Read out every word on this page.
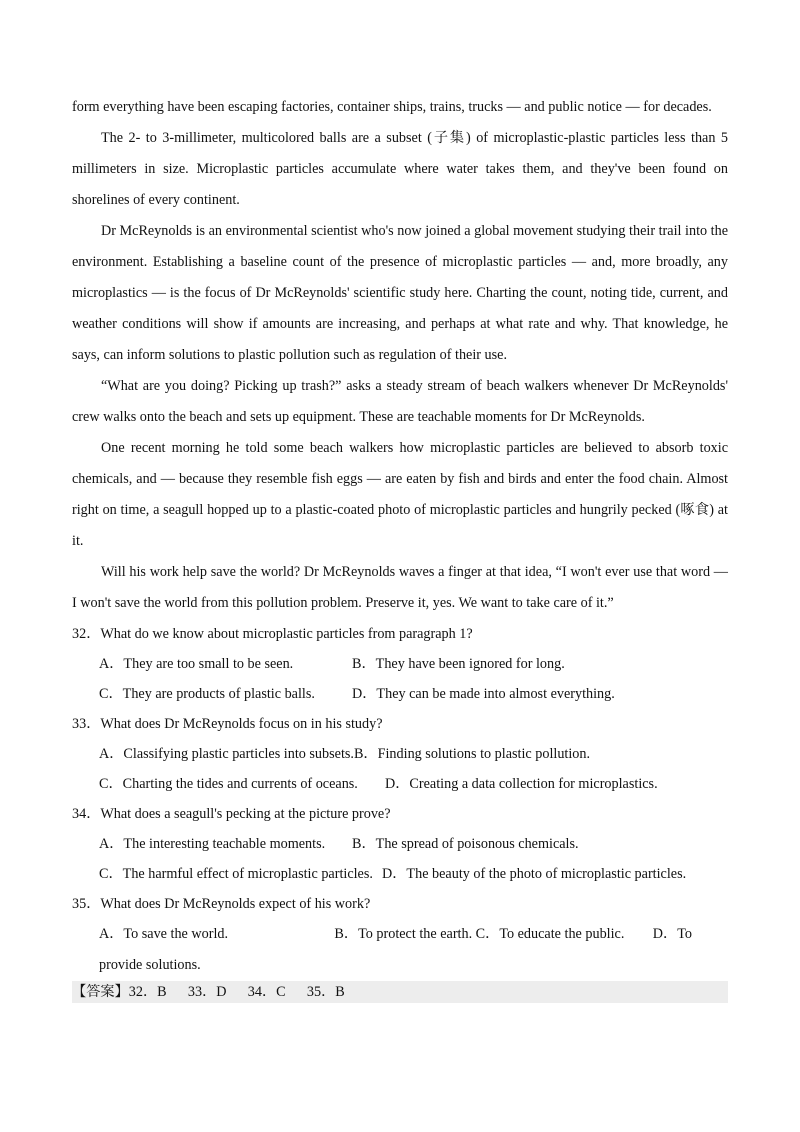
form everything have been escaping factories, container ships, trains, trucks — and public notice — for decades.

The 2- to 3-millimeter, multicolored balls are a subset (子集) of microplastic-plastic particles less than 5 millimeters in size. Microplastic particles accumulate where water takes them, and they've been found on shorelines of every continent.

Dr McReynolds is an environmental scientist who's now joined a global movement studying their trail into the environment. Establishing a baseline count of the presence of microplastic particles — and, more broadly, any microplastics — is the focus of Dr McReynolds' scientific study here. Charting the count, noting tide, current, and weather conditions will show if amounts are increasing, and perhaps at what rate and why. That knowledge, he says, can inform solutions to plastic pollution such as regulation of their use.

“What are you doing? Picking up trash?” asks a steady stream of beach walkers whenever Dr McReynolds' crew walks onto the beach and sets up equipment. These are teachable moments for Dr McReynolds.

One recent morning he told some beach walkers how microplastic particles are believed to absorb toxic chemicals, and — because they resemble fish eggs — are eaten by fish and birds and enter the food chain. Almost right on time, a seagull hopped up to a plastic-coated photo of microplastic particles and hungrily pecked (啄食) at it.

Will his work help save the world? Dr McReynolds waves a finger at that idea, “I won't ever use that word — I won't save the world from this pollution problem. Preserve it, yes. We want to take care of it.”

32．What do we know about microplastic particles from paragraph 1?

A．They are too small to be seen.	B．They have been ignored for long.
C．They are products of plastic balls.	D．They can be made into almost everything.

33．What does Dr McReynolds focus on in his study?

A．Classifying plastic particles into subsets. B．Finding solutions to plastic pollution.
C．Charting the tides and currents of oceans.	D．Creating a data collection for microplastics.

34．What does a seagull's pecking at the picture prove?

A．The interesting teachable moments.	B．The spread of poisonous chemicals.
C．The harmful effect of microplastic particles. D．The beauty of the photo of microplastic particles.

35．What does Dr McReynolds expect of his work?

A．To save the world.                              B．To protect the earth. C．To educate the public.        D．To provide solutions.

【答案】32．B      33．D      34．C      35．B
